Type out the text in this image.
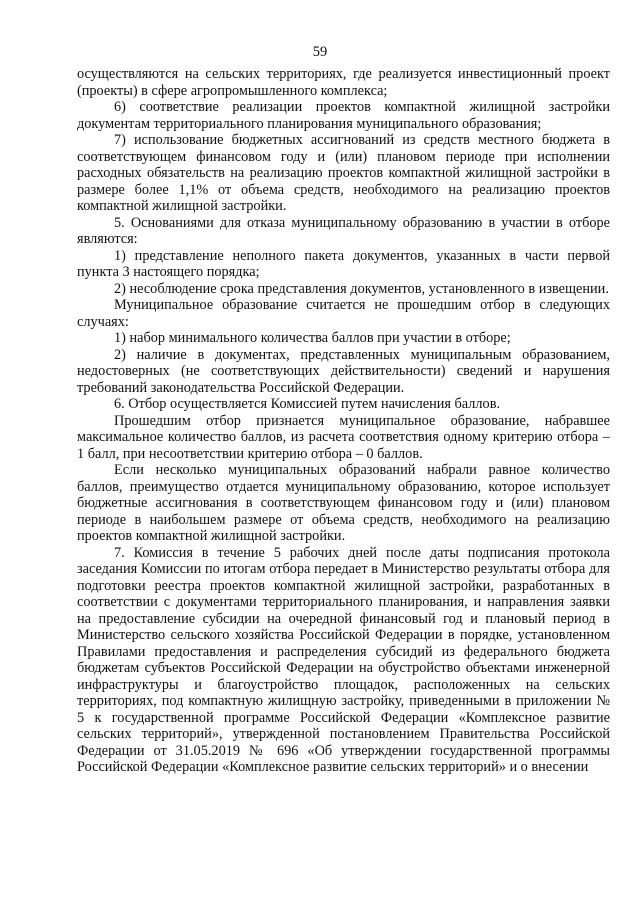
59

осуществляются на сельских территориях, где реализуется инвестиционный проект (проекты) в сфере агропромышленного комплекса;

6) соответствие реализации проектов компактной жилищной застройки документам территориального планирования муниципального образования;

7) использование бюджетных ассигнований из средств местного бюджета в соответствующем финансовом году и (или) плановом периоде при исполнении расходных обязательств на реализацию проектов компактной жилищной застройки в размере более 1,1% от объема средств, необходимого на реализацию проектов компактной жилищной застройки.

5. Основаниями для отказа муниципальному образованию в участии в отборе являются:

1) представление неполного пакета документов, указанных в части первой пункта 3 настоящего порядка;

2) несоблюдение срока представления документов, установленного в извещении.

Муниципальное образование считается не прошедшим отбор в следующих случаях:

1) набор минимального количества баллов при участии в отборе;

2) наличие в документах, представленных муниципальным образованием, недостоверных (не соответствующих действительности) сведений и нарушения требований законодательства Российской Федерации.

6. Отбор осуществляется Комиссией путем начисления баллов.

Прошедшим отбор признается муниципальное образование, набравшее максимальное количество баллов, из расчета соответствия одному критерию отбора – 1 балл, при несоответствии критерию отбора – 0 баллов.

Если несколько муниципальных образований набрали равное количество баллов, преимущество отдается муниципальному образованию, которое использует бюджетные ассигнования в соответствующем финансовом году и (или) плановом периоде в наибольшем размере от объема средств, необходимого на реализацию проектов компактной жилищной застройки.

7. Комиссия в течение 5 рабочих дней после даты подписания протокола заседания Комиссии по итогам отбора передает в Министерство результаты отбора для подготовки реестра проектов компактной жилищной застройки, разработанных в соответствии с документами территориального планирования, и направления заявки на предоставление субсидии на очередной финансовый год и плановый период в Министерство сельского хозяйства Российской Федерации в порядке, установленном Правилами предоставления и распределения субсидий из федерального бюджета бюджетам субъектов Российской Федерации на обустройство объектами инженерной инфраструктуры и благоустройство площадок, расположенных на сельских территориях, под компактную жилищную застройку, приведенными в приложении № 5 к государственной программе Российской Федерации «Комплексное развитие сельских территорий», утвержденной постановлением Правительства Российской Федерации от 31.05.2019 № 696 «Об утверждении государственной программы Российской Федерации «Комплексное развитие сельских территорий» и о внесении
